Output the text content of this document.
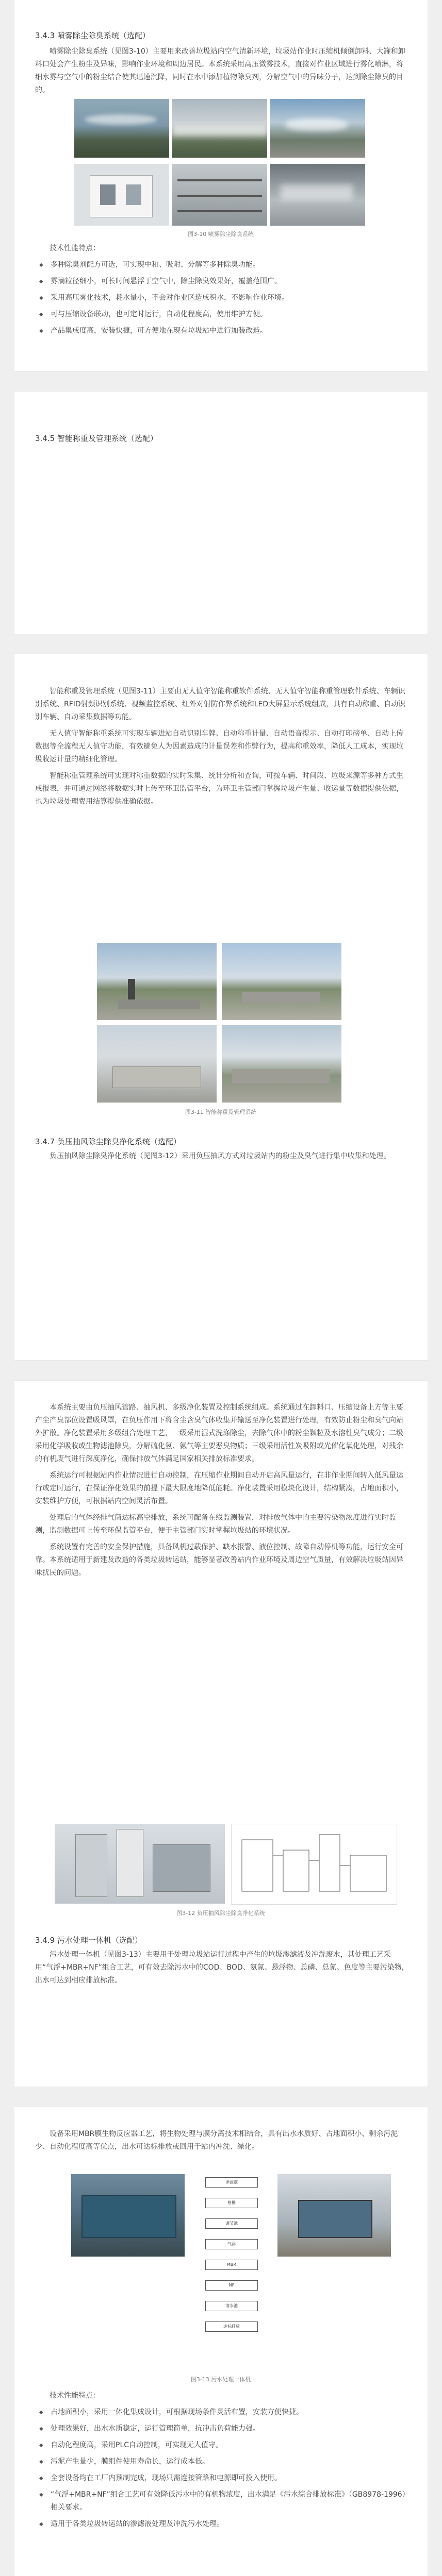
3.4.3 喷雾除尘除臭系统（选配）

喷雾除尘除臭系统（见图3-10）主要用来改善垃圾站内空气清新环境，垃圾站作业时压缩机倾倒卸料、大罐和卸料口处会产生粉尘及异味，影响作业环境和周边居民。本系统采用高压微雾技术，直接对作业区域进行雾化喷淋，将细水雾与空气中的粉尘结合使其迅速沉降，同时在水中添加植物除臭剂，分解空气中的异味分子，达到除尘除臭的目的。

图3-10 喷雾除尘除臭系统

技术性能特点：

◆ 多种除臭剂配方可选，可实现中和、吸附、分解等多种除臭功能。
◆ 雾滴粒径细小，可长时间悬浮于空气中，除尘除臭效果好，覆盖范围广。
◆ 采用高压雾化技术，耗水量小，不会对作业区造成积水，不影响作业环境。
◆ 可与压缩设备联动，也可定时运行，自动化程度高，使用维护方便。
◆ 产品集成度高，安装快捷，可方便地在现有垃圾站中进行加装改造。

3.4.5 智能称重及管理系统（选配）

智能称重及管理系统（见图3-11）主要由无人值守智能称重软件系统、无人值守智能称重管理软件系统、车辆识别系统、RFID射频识别系统、视频监控系统、红外对射防作弊系统和LED大屏显示系统组成，具有自动称重、自动识别车辆、自动采集数据等功能。

无人值守智能称重系统可实现车辆进站自动识别车牌、自动称重计量、自动语音提示、自动打印磅单、自动上传数据等全流程无人值守功能，有效避免人为因素造成的计量误差和作弊行为，提高称重效率，降低人工成本，实现垃圾收运计量的精细化管理。

智能称重管理系统可实现对称重数据的实时采集、统计分析和查询，可按车辆、时间段、垃圾来源等多种方式生成报表，并可通过网络将数据实时上传至环卫监管平台，为环卫主管部门掌握垃圾产生量、收运量等数据提供依据，也为垃圾处理费用结算提供准确依据。

图3-11 智能称重及管理系统

3.4.7 负压抽风除尘除臭净化系统（选配）

负压抽风除尘除臭净化系统（见图3-12）采用负压抽风方式对垃圾站内的粉尘及臭气进行集中收集和处理。

本系统主要由负压抽风管路、抽风机、多级净化装置及控制系统组成。系统通过在卸料口、压缩设备上方等主要产尘产臭部位设置吸风罩，在负压作用下将含尘含臭气体收集并输送至净化装置进行处理，有效防止粉尘和臭气向站外扩散。净化装置采用多级组合处理工艺，一级采用湿式洗涤除尘，去除气体中的粉尘颗粒及水溶性臭气成分；二级采用化学吸收或生物滤池除臭，分解硫化氢、氨气等主要恶臭物质；三级采用活性炭吸附或光催化氧化处理，对残余的有机废气进行深度净化，确保排放气体满足国家相关排放标准要求。

系统运行可根据站内作业情况进行自动控制，在压缩作业期间自动开启高风量运行，在非作业期间转入低风量运行或定时运行，在保证净化效果的前提下最大限度地降低能耗。净化装置采用模块化设计，结构紧凑，占地面积小，安装维护方便，可根据站内空间灵活布置。

处理后的气体经排气筒达标高空排放，系统可配备在线监测装置，对排放气体中的主要污染物浓度进行实时监测，监测数据可上传至环保监管平台，便于主管部门实时掌握垃圾站的环境状况。

系统设置有完善的安全保护措施，具备风机过载保护、缺水报警、液位控制、故障自动停机等功能，运行安全可靠。本系统适用于新建及改造的各类垃圾转运站，能够显著改善站内作业环境及周边空气质量，有效解决垃圾站因异味扰民的问题。

图3-12 负压抽风除尘除臭净化系统

3.4.9 污水处理一体机（选配）

污水处理一体机（见图3-13）主要用于处理垃圾站运行过程中产生的垃圾渗滤液及冲洗废水，其处理工艺采用“气浮+MBR+NF”组合工艺，可有效去除污水中的COD、BOD、氨氮、悬浮物、总磷、总氮、色度等主要污染物，出水可达到相应排放标准。

设备采用MBR膜生物反应器工艺，将生物处理与膜分离技术相结合，具有出水水质好、占地面积小、剩余污泥少、自动化程度高等优点，出水可达标排放或回用于站内冲洗、绿化。

渗滤液
格栅
调节池
气浮
MBR
NF
清水池
达标排放
图3-13 污水处理一体机

技术性能特点：

◆ 占地面积小，采用一体化集成设计，可根据现场条件灵活布置，安装方便快捷。
◆ 处理效果好，出水水质稳定，运行管理简单，抗冲击负荷能力强。
◆ 自动化程度高，采用PLC自动控制，可实现无人值守。
◆ 污泥产生量少，膜组件使用寿命长，运行成本低。
◆ 全套设备均在工厂内预制完成，现场只需连接管路和电源即可投入使用。
◆ “气浮+MBR+NF”组合工艺可有效降低污水中的有机物浓度，出水满足《污水综合排放标准》（GB8978-1996）相关要求。
◆ 适用于各类垃圾转运站的渗滤液处理及冲洗污水处理。
